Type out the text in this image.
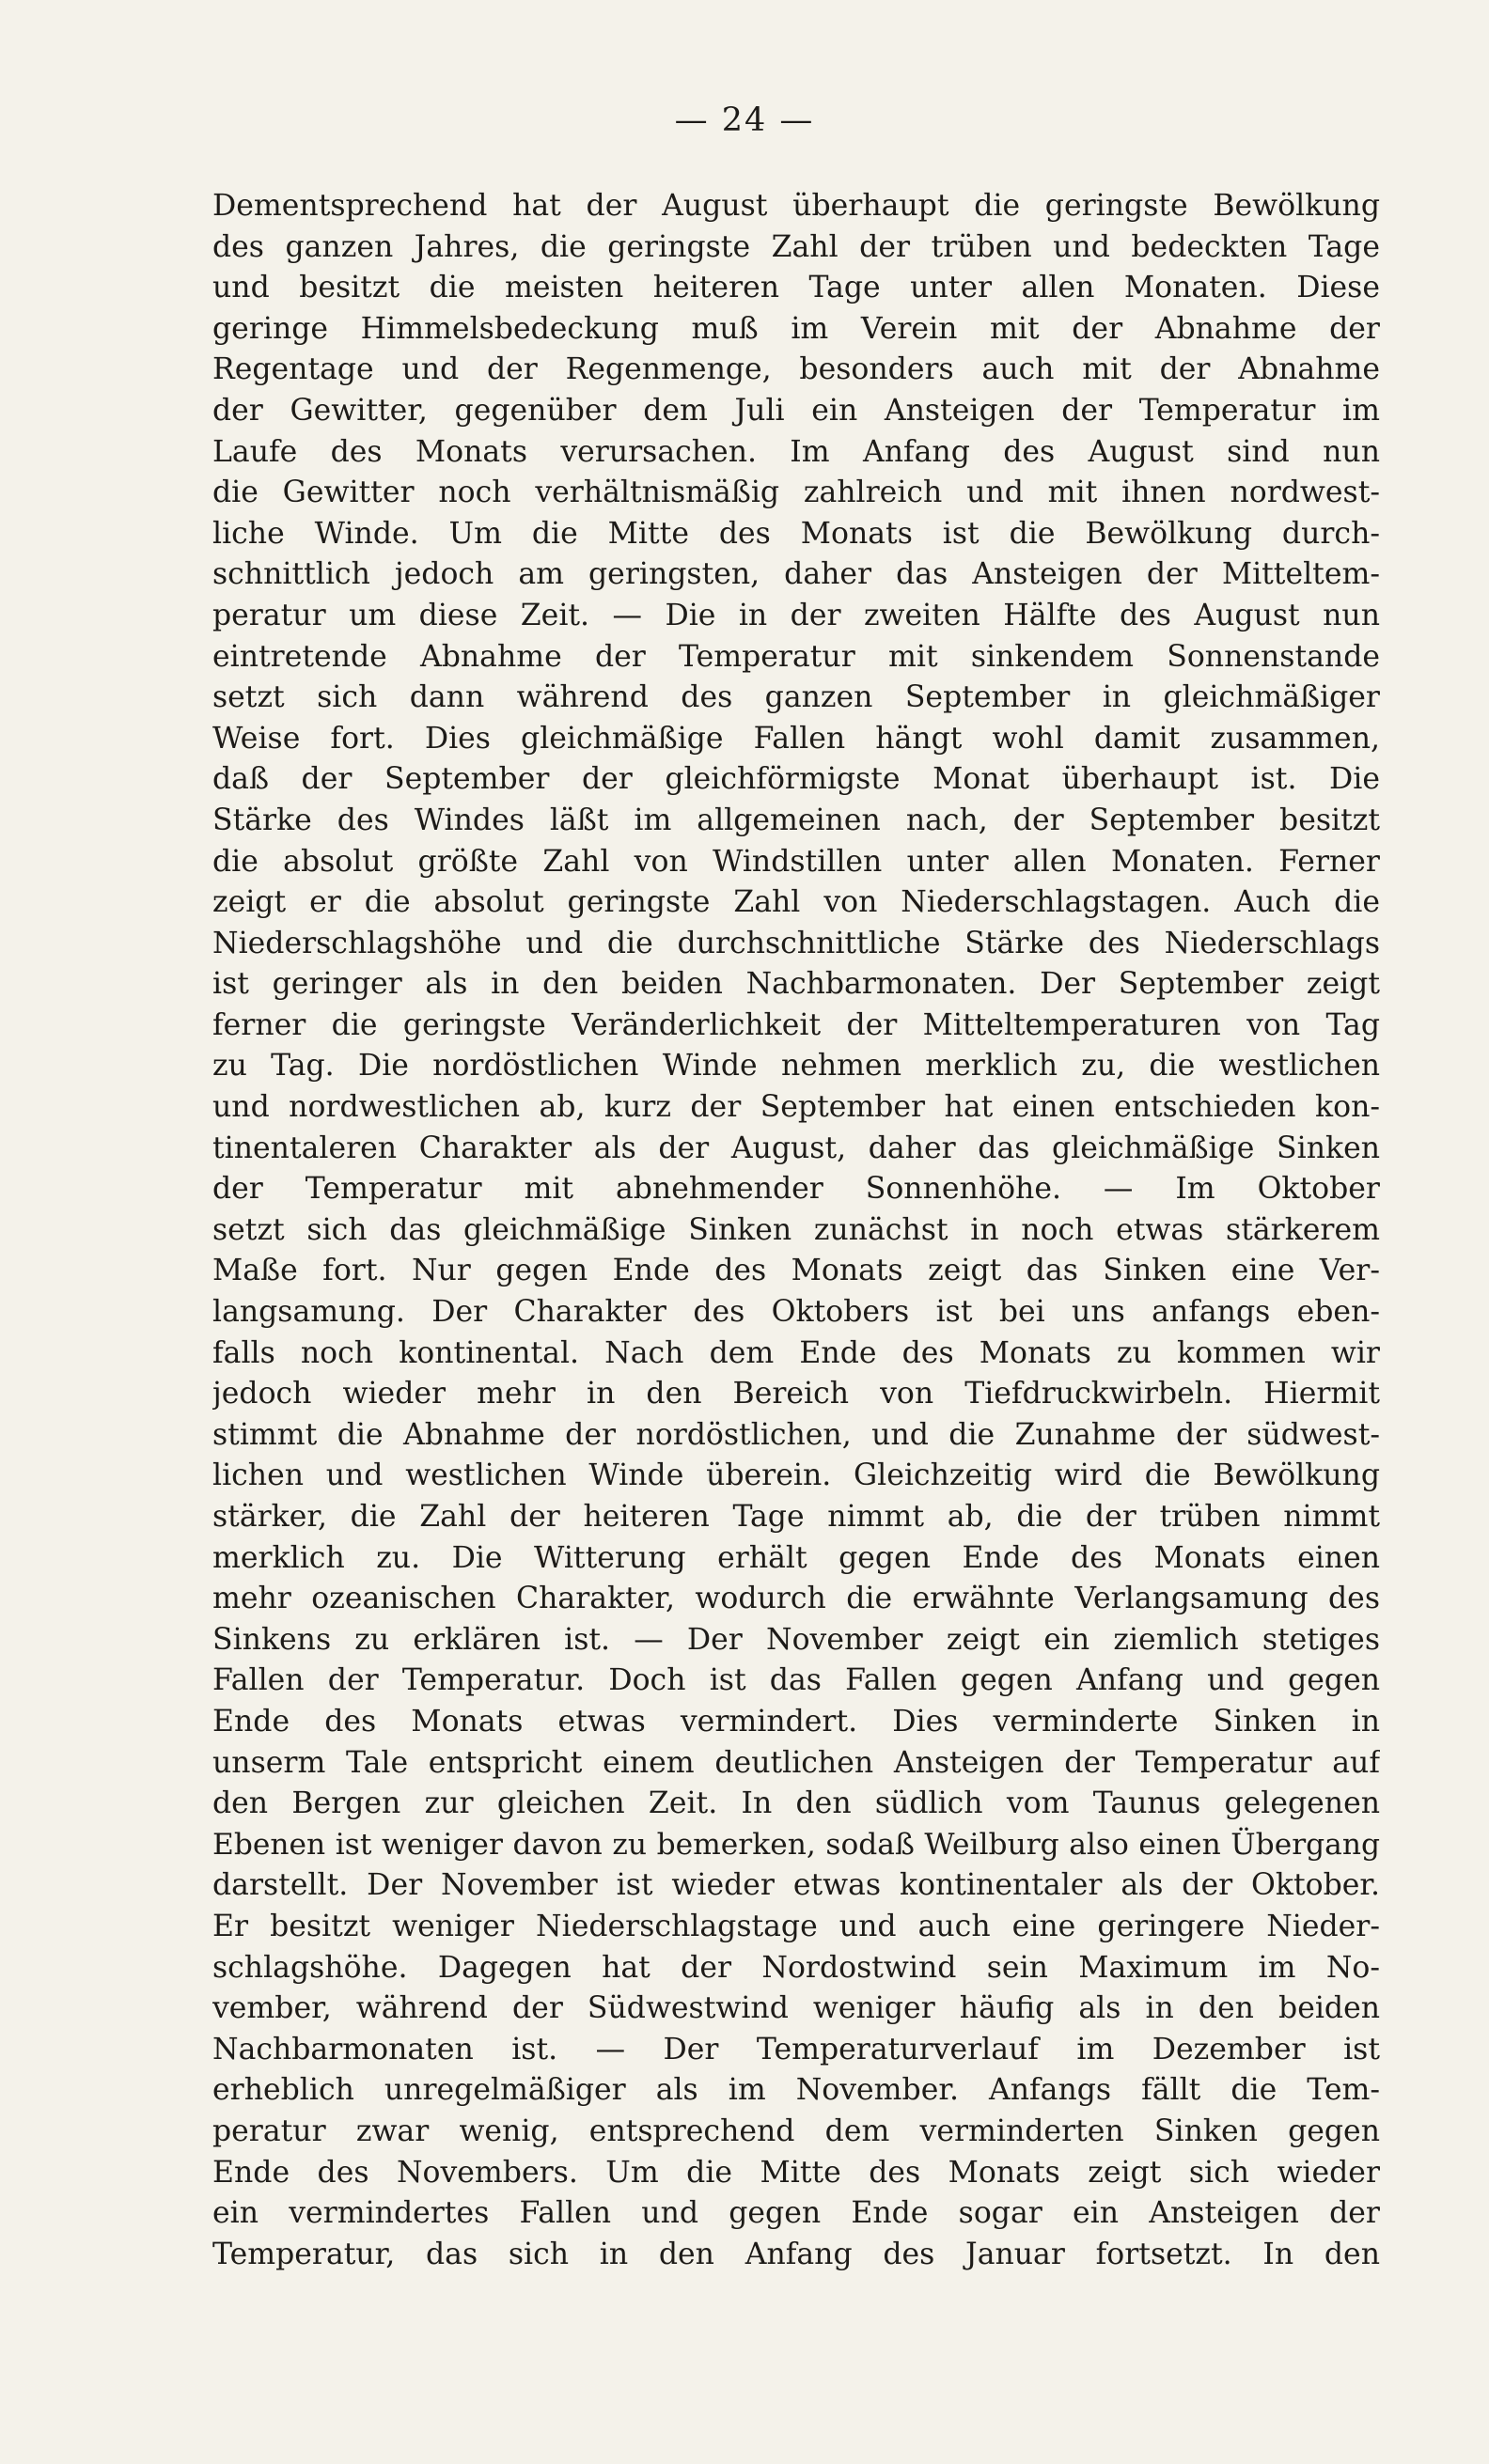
— 24 —
Dementsprechend hat der August überhaupt die geringste Bewölkung
des ganzen Jahres, die geringste Zahl der trüben und bedeckten Tage
und besitzt die meisten heiteren Tage unter allen Monaten. Diese
geringe Himmelsbedeckung muß im Verein mit der Abnahme der
Regentage und der Regenmenge, besonders auch mit der Abnahme
der Gewitter, gegenüber dem Juli ein Ansteigen der Temperatur im
Laufe des Monats verursachen. Im Anfang des August sind nun
die Gewitter noch verhältnismäßig zahlreich und mit ihnen nordwest-
liche Winde. Um die Mitte des Monats ist die Bewölkung durch-
schnittlich jedoch am geringsten, daher das Ansteigen der Mitteltem-
peratur um diese Zeit. — Die in der zweiten Hälfte des August nun
eintretende Abnahme der Temperatur mit sinkendem Sonnenstande
setzt sich dann während des ganzen September in gleichmäßiger
Weise fort. Dies gleichmäßige Fallen hängt wohl damit zusammen,
daß der September der gleichförmigste Monat überhaupt ist. Die
Stärke des Windes läßt im allgemeinen nach, der September besitzt
die absolut größte Zahl von Windstillen unter allen Monaten. Ferner
zeigt er die absolut geringste Zahl von Niederschlagstagen. Auch die
Niederschlagshöhe und die durchschnittliche Stärke des Niederschlags
ist geringer als in den beiden Nachbarmonaten. Der September zeigt
ferner die geringste Veränderlichkeit der Mitteltemperaturen von Tag
zu Tag. Die nordöstlichen Winde nehmen merklich zu, die westlichen
und nordwestlichen ab, kurz der September hat einen entschieden kon-
tinentaleren Charakter als der August, daher das gleichmäßige Sinken
der Temperatur mit abnehmender Sonnenhöhe. — Im Oktober
setzt sich das gleichmäßige Sinken zunächst in noch etwas stärkerem
Maße fort. Nur gegen Ende des Monats zeigt das Sinken eine Ver-
langsamung. Der Charakter des Oktobers ist bei uns anfangs eben-
falls noch kontinental. Nach dem Ende des Monats zu kommen wir
jedoch wieder mehr in den Bereich von Tiefdruckwirbeln. Hiermit
stimmt die Abnahme der nordöstlichen, und die Zunahme der südwest-
lichen und westlichen Winde überein. Gleichzeitig wird die Bewölkung
stärker, die Zahl der heiteren Tage nimmt ab, die der trüben nimmt
merklich zu. Die Witterung erhält gegen Ende des Monats einen
mehr ozeanischen Charakter, wodurch die erwähnte Verlangsamung des
Sinkens zu erklären ist. — Der November zeigt ein ziemlich stetiges
Fallen der Temperatur. Doch ist das Fallen gegen Anfang und gegen
Ende des Monats etwas vermindert. Dies verminderte Sinken in
unserm Tale entspricht einem deutlichen Ansteigen der Temperatur auf
den Bergen zur gleichen Zeit. In den südlich vom Taunus gelegenen
Ebenen ist weniger davon zu bemerken, sodaß Weilburg also einen Übergang
darstellt. Der November ist wieder etwas kontinentaler als der Oktober.
Er besitzt weniger Niederschlagstage und auch eine geringere Nieder-
schlagshöhe. Dagegen hat der Nordostwind sein Maximum im No-
vember, während der Südwestwind weniger häufig als in den beiden
Nachbarmonaten ist. — Der Temperaturverlauf im Dezember ist
erheblich unregelmäßiger als im November. Anfangs fällt die Tem-
peratur zwar wenig, entsprechend dem verminderten Sinken gegen
Ende des Novembers. Um die Mitte des Monats zeigt sich wieder
ein vermindertes Fallen und gegen Ende sogar ein Ansteigen der
Temperatur, das sich in den Anfang des Januar fortsetzt. In den
